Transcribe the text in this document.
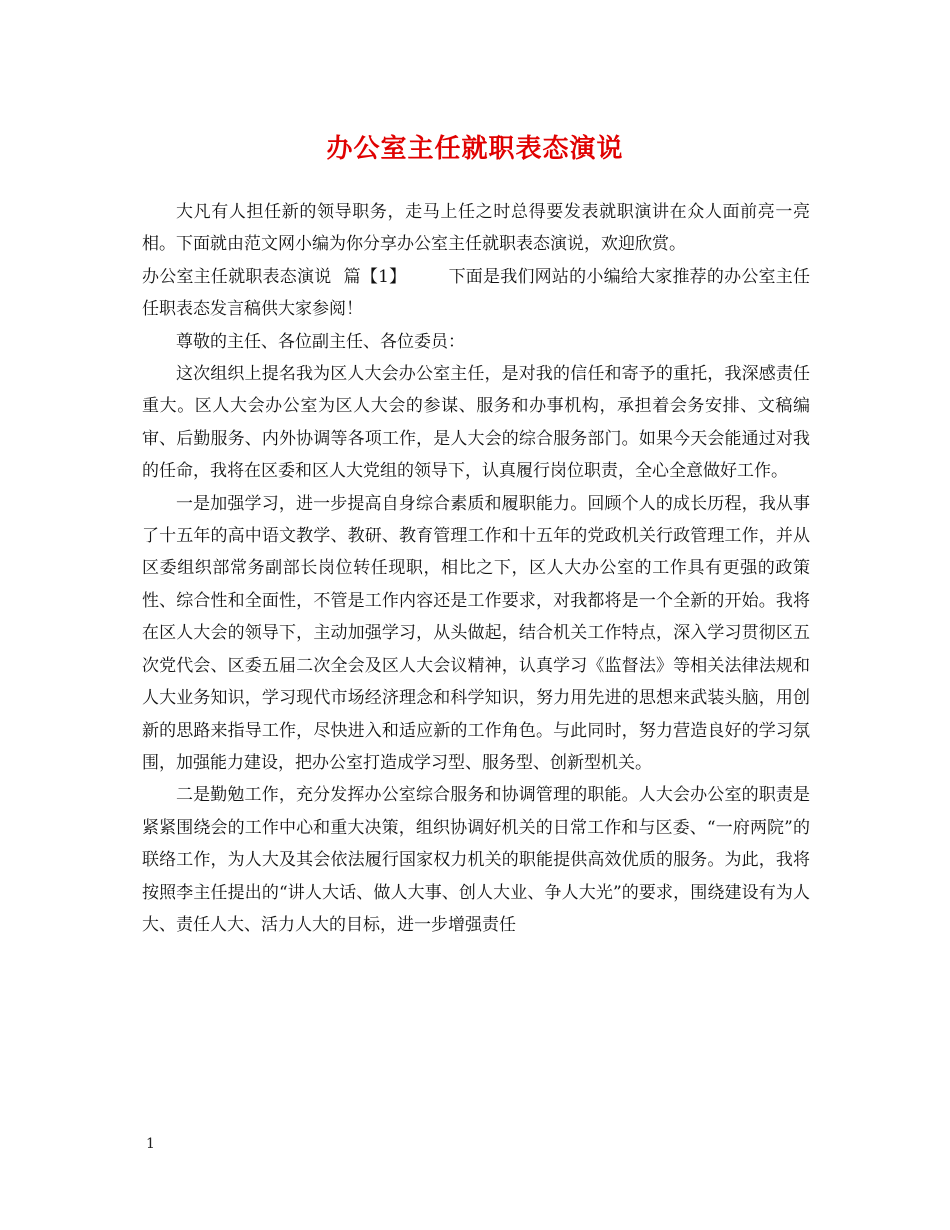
办公室主任就职表态演说

大凡有人担任新的领导职务，走马上任之时总得要发表就职演讲在众人面前亮一亮相。下面就由范文网小编为你分享办公室主任就职表态演说，欢迎欣赏。

办公室主任就职表态演说 篇【1】 下面是我们网站的小编给大家推荐的办公室主任任职表态发言稿供大家参阅！

尊敬的主任、各位副主任、各位委员：

这次组织上提名我为区人大会办公室主任，是对我的信任和寄予的重托，我深感责任重大。区人大会办公室为区人大会的参谋、服务和办事机构，承担着会务安排、文稿编审、后勤服务、内外协调等各项工作，是人大会的综合服务部门。如果今天会能通过对我的任命，我将在区委和区人大党组的领导下，认真履行岗位职责，全心全意做好工作。

一是加强学习，进一步提高自身综合素质和履职能力。回顾个人的成长历程，我从事了十五年的高中语文教学、教研、教育管理工作和十五年的党政机关行政管理工作，并从区委组织部常务副部长岗位转任现职，相比之下，区人大办公室的工作具有更强的政策性、综合性和全面性，不管是工作内容还是工作要求，对我都将是一个全新的开始。我将在区人大会的领导下，主动加强学习，从头做起，结合机关工作特点，深入学习贯彻区五次党代会、区委五届二次全会及区人大会议精神，认真学习《监督法》等相关法律法规和人大业务知识，学习现代市场经济理念和科学知识，努力用先进的思想来武装头脑，用创新的思路来指导工作，尽快进入和适应新的工作角色。与此同时，努力营造良好的学习氛围，加强能力建设，把办公室打造成学习型、服务型、创新型机关。

二是勤勉工作，充分发挥办公室综合服务和协调管理的职能。人大会办公室的职责是紧紧围绕会的工作中心和重大决策，组织协调好机关的日常工作和与区委、“一府两院”的联络工作，为人大及其会依法履行国家权力机关的职能提供高效优质的服务。为此，我将按照李主任提出的“讲人大话、做人大事、创人大业、争人大光”的要求，围绕建设有为人大、责任人大、活力人大的目标，进一步增强责任

1
